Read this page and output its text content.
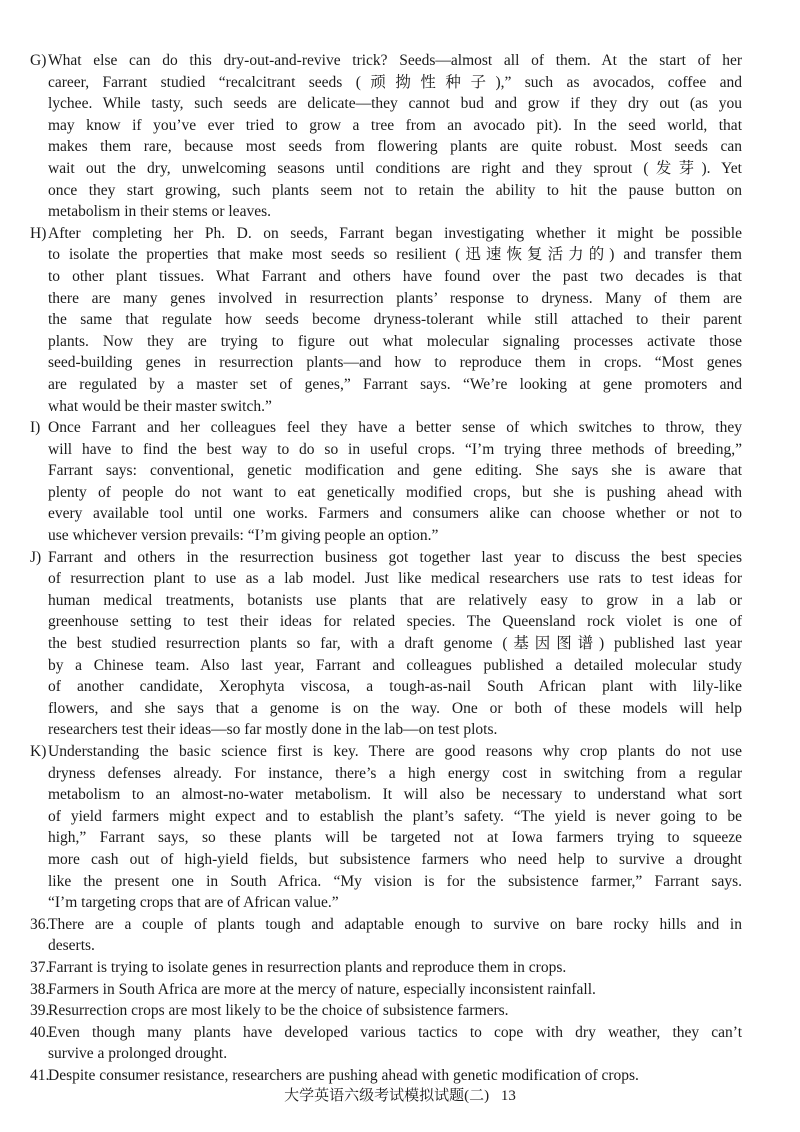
G) What else can do this dry-out-and-revive trick? Seeds—almost all of them. At the start of her
career, Farrant studied “recalcitrant seeds (顽拗性种子),” such as avocados, coffee and
lychee. While tasty, such seeds are delicate—they cannot bud and grow if they dry out (as you
may know if you’ve ever tried to grow a tree from an avocado pit). In the seed world, that
makes them rare, because most seeds from flowering plants are quite robust. Most seeds can
wait out the dry, unwelcoming seasons until conditions are right and they sprout (发芽). Yet
once they start growing, such plants seem not to retain the ability to hit the pause button on
metabolism in their stems or leaves.
H) After completing her Ph. D. on seeds, Farrant began investigating whether it might be possible
to isolate the properties that make most seeds so resilient (迅速恢复活力的) and transfer them
to other plant tissues. What Farrant and others have found over the past two decades is that
there are many genes involved in resurrection plants’ response to dryness. Many of them are
the same that regulate how seeds become dryness-tolerant while still attached to their parent
plants. Now they are trying to figure out what molecular signaling processes activate those
seed-building genes in resurrection plants—and how to reproduce them in crops. “Most genes
are regulated by a master set of genes,” Farrant says. “We’re looking at gene promoters and
what would be their master switch.”
I) Once Farrant and her colleagues feel they have a better sense of which switches to throw, they
will have to find the best way to do so in useful crops. “I’m trying three methods of breeding,”
Farrant says: conventional, genetic modification and gene editing. She says she is aware that
plenty of people do not want to eat genetically modified crops, but she is pushing ahead with
every available tool until one works. Farmers and consumers alike can choose whether or not to
use whichever version prevails: “I’m giving people an option.”
J) Farrant and others in the resurrection business got together last year to discuss the best species
of resurrection plant to use as a lab model. Just like medical researchers use rats to test ideas for
human medical treatments, botanists use plants that are relatively easy to grow in a lab or
greenhouse setting to test their ideas for related species. The Queensland rock violet is one of
the best studied resurrection plants so far, with a draft genome (基因图谱) published last year
by a Chinese team. Also last year, Farrant and colleagues published a detailed molecular study
of another candidate, Xerophyta viscosa, a tough-as-nail South African plant with lily-like
flowers, and she says that a genome is on the way. One or both of these models will help
researchers test their ideas—so far mostly done in the lab—on test plots.
K) Understanding the basic science first is key. There are good reasons why crop plants do not use
dryness defenses already. For instance, there’s a high energy cost in switching from a regular
metabolism to an almost-no-water metabolism. It will also be necessary to understand what sort
of yield farmers might expect and to establish the plant’s safety. “The yield is never going to be
high,” Farrant says, so these plants will be targeted not at Iowa farmers trying to squeeze
more cash out of high-yield fields, but subsistence farmers who need help to survive a drought
like the present one in South Africa. “My vision is for the subsistence farmer,” Farrant says.
“I’m targeting crops that are of African value.”
36.
There are a couple of plants tough and adaptable enough to survive on bare rocky hills and in
deserts.
37.
Farrant is trying to isolate genes in resurrection plants and reproduce them in crops.
38.
Farmers in South Africa are more at the mercy of nature, especially inconsistent rainfall.
39.
Resurrection crops are most likely to be the choice of subsistence farmers.
40.
Even though many plants have developed various tactics to cope with dry weather, they can’t
survive a prolonged drought.
41.
Despite consumer resistance, researchers are pushing ahead with genetic modification of crops.
大学英语六级考试模拟试题(二) 13
